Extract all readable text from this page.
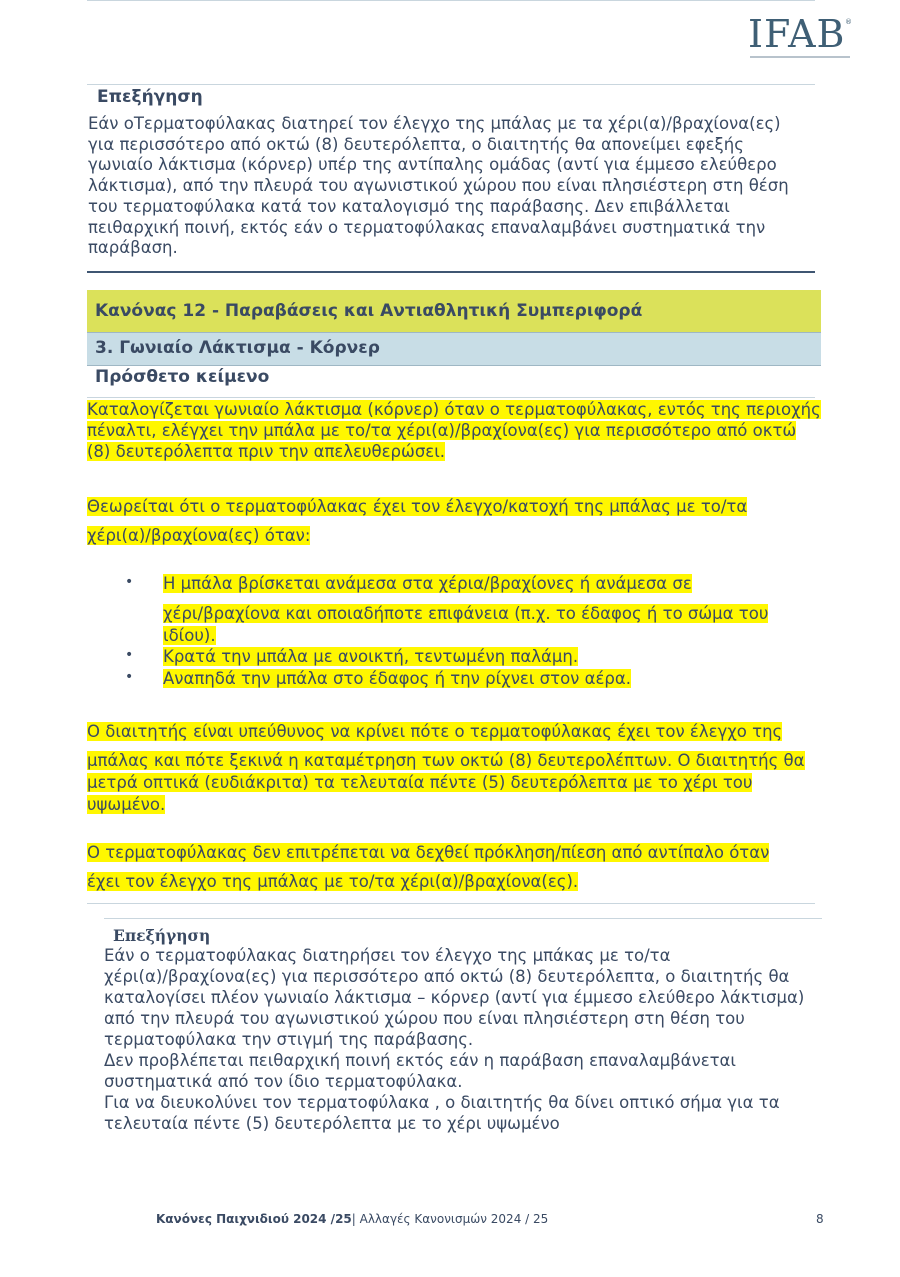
IFAB ®
Επεξήγηση
Εάν οΤερματοφύλακας διατηρεί τον έλεγχο της μπάλας με τα χέρι(α)/βραχίονα(ες)
για περισσότερο από οκτώ (8) δευτερόλεπτα, ο διαιτητής θα απονείμει εφεξής
γωνιαίο λάκτισμα (κόρνερ) υπέρ της αντίπαλης ομάδας (αντί για έμμεσο ελεύθερο
λάκτισμα), από την πλευρά του αγωνιστικού χώρου που είναι πλησιέστερη στη θέση
του τερματοφύλακα κατά τον καταλογισμό της παράβασης. Δεν επιβάλλεται
πειθαρχική ποινή, εκτός εάν ο τερματοφύλακας επαναλαμβάνει συστηματικά την
παράβαση.
Κανόνας 12 - Παραβάσεις και Αντιαθλητική Συμπεριφορά
3. Γωνιαίο Λάκτισμα - Κόρνερ
Πρόσθετο κείμενο
Καταλογίζεται γωνιαίο λάκτισμα (κόρνερ) όταν ο τερματοφύλακας, εντός της περιοχής
πέναλτι, ελέγχει την μπάλα με το/τα χέρι(α)/βραχίονα(ες) για περισσότερο από οκτώ
(8) δευτερόλεπτα πριν την απελευθερώσει.
Θεωρείται ότι ο τερματοφύλακας έχει τον έλεγχο/κατοχή της μπάλας με το/τα
χέρι(α)/βραχίονα(ες) όταν:
• Η μπάλα βρίσκεται ανάμεσα στα χέρια/βραχίονες ή ανάμεσα σε
χέρι/βραχίονα και οποιαδήποτε επιφάνεια (π.χ. το έδαφος ή το σώμα του
ιδίου).
• Κρατά την μπάλα με ανοικτή, τεντωμένη παλάμη.
• Αναπηδά την μπάλα στο έδαφος ή την ρίχνει στον αέρα.
Ο διαιτητής είναι υπεύθυνος να κρίνει πότε ο τερματοφύλακας έχει τον έλεγχο της
μπάλας και πότε ξεκινά η καταμέτρηση των οκτώ (8) δευτερολέπτων. Ο διαιτητής θα
μετρά οπτικά (ευδιάκριτα) τα τελευταία πέντε (5) δευτερόλεπτα με το χέρι του
υψωμένο.
Ο τερματοφύλακας δεν επιτρέπεται να δεχθεί πρόκληση/πίεση από αντίπαλο όταν
έχει τον έλεγχο της μπάλας με το/τα χέρι(α)/βραχίονα(ες).
Επεξήγηση
Εάν ο τερματοφύλακας διατηρήσει τον έλεγχο της μπάκας με το/τα
χέρι(α)/βραχίονα(ες) για περισσότερο από οκτώ (8) δευτερόλεπτα, ο διαιτητής θα
καταλογίσει πλέον γωνιαίο λάκτισμα – κόρνερ (αντί για έμμεσο ελεύθερο λάκτισμα)
από την πλευρά του αγωνιστικού χώρου που είναι πλησιέστερη στη θέση του
τερματοφύλακα την στιγμή της παράβασης.
Δεν προβλέπεται πειθαρχική ποινή εκτός εάν η παράβαση επαναλαμβάνεται
συστηματικά από τον ίδιο τερματοφύλακα.
Για να διευκολύνει τον τερματοφύλακα , ο διαιτητής θα δίνει οπτικό σήμα για τα
τελευταία πέντε (5) δευτερόλεπτα με το χέρι υψωμένο
Κανόνες Παιχνιδιού 2024 /25| Αλλαγές Κανονισμών 2024 / 25	8
